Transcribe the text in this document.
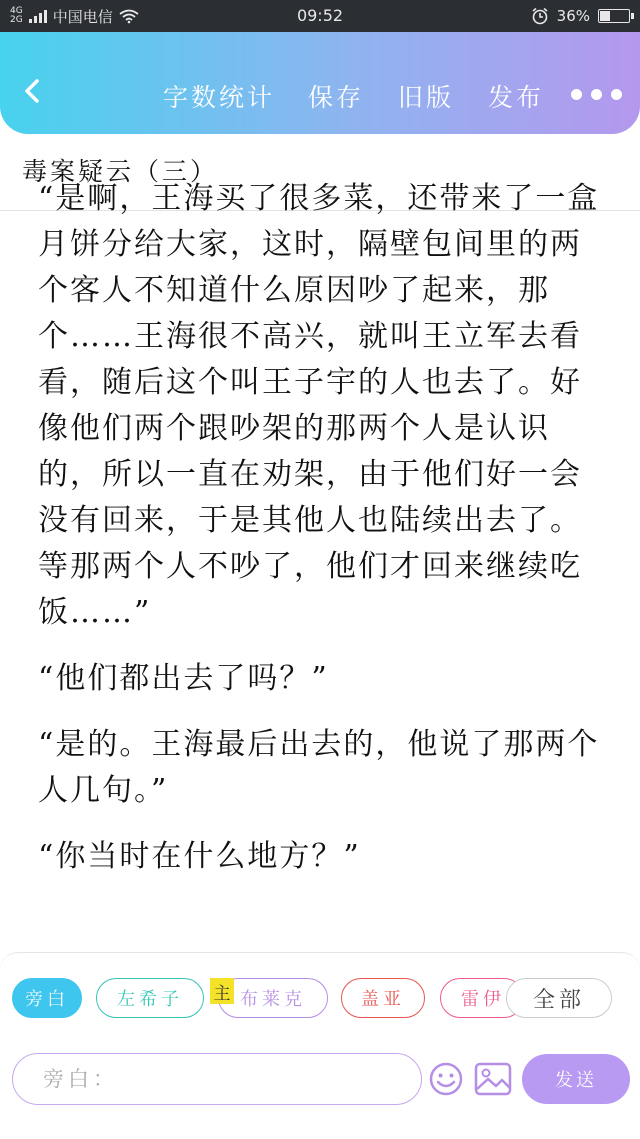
4G
2G 中国电信	09:52	36%
字数统计 保存 旧版 发布
毒案疑云（三）

“是啊，王海买了很多菜，还带来了一盒月饼分给大家，这时，隔壁包间里的两个客人不知道什么原因吵了起来，那个……王海很不高兴，就叫王立军去看看，随后这个叫王子宇的人也去了。好像他们两个跟吵架的那两个人是认识的，所以一直在劝架，由于他们好一会没有回来，于是其他人也陆续出去了。等那两个人不吵了，他们才回来继续吃饭……”

“他们都出去了吗？”

“是的。王海最后出去的，他说了那两个人几句。”

“你当时在什么地方？”

旁白	左希子	布莱克	盖亚	雷伊	全部
主
旁白：
发送
